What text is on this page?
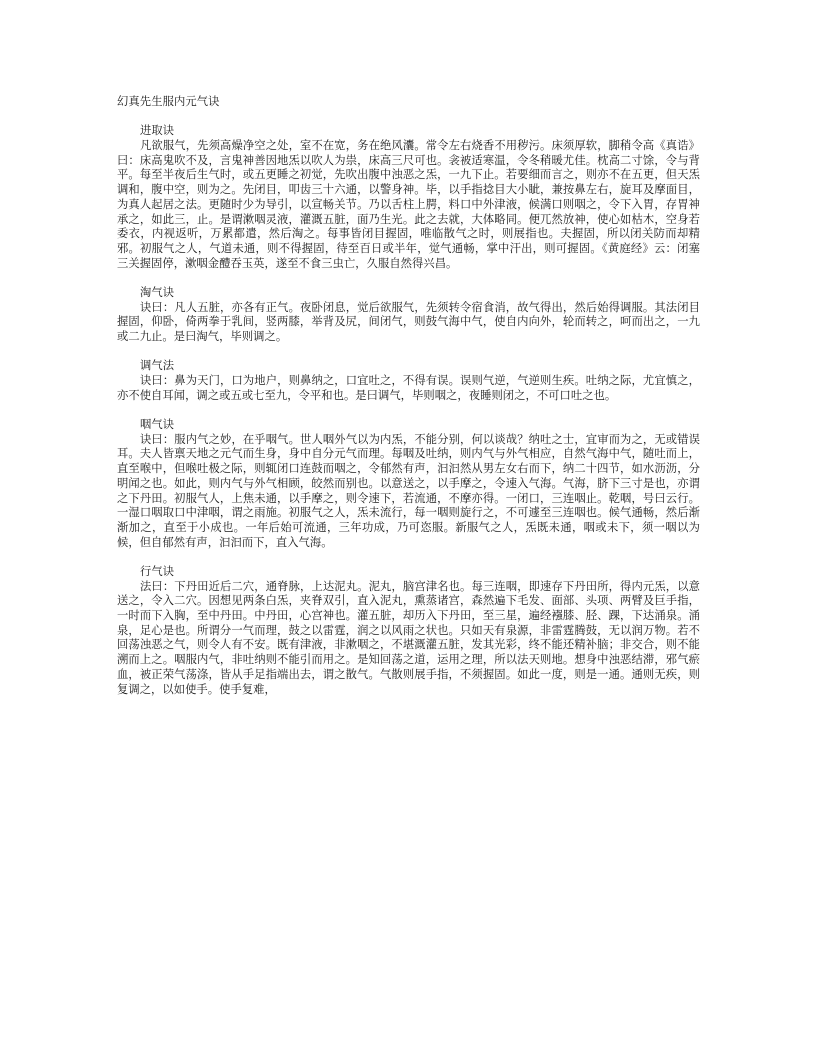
幻真先生服内元气诀

进取诀

凡欲服气，先须高燥净空之处，室不在宽，务在绝风灢。常令左右烧香不用秽污。床须厚软，脚稍令高《真诰》曰：床高鬼吹不及，言鬼神善因地炁以吹人为祟，床高三尺可也。衾被适寒温，令冬稍暖尤佳。枕高二寸馀，令与背平。每至半夜后生气时，或五更睡之初觉，先吹出腹中浊恶之炁，一九下止。若要细而言之，则亦不在五更，但天炁调和，腹中空，则为之。先闭目，叩齿三十六通，以警身神。毕，以手指捻目大小眦，兼按鼻左右，旋耳及摩面目，为真人起居之法。更随时少为导引，以宣畅关节。乃以舌柱上腭，料口中外津液，候满口则咽之，令下入胃，存胃神承之，如此三，止。是谓漱咽灵液，灌溉五脏，面乃生光。此之去就，大体略同。便兀然放神，使心如枯木，空身若委衣，内视返听，万累都遣，然后淘之。每事皆闭目握固，唯临散气之时，则展指也。夫握固，所以闭关防而却精邪。初服气之人，气道未通，则不得握固，待至百日或半年，觉气通畅，掌中汗出，则可握固。《黄庭经》云：闭塞三关握固停，漱咽金醴吞玉英，遂至不食三虫亡，久服自然得兴昌。

淘气诀

诀曰：凡人五脏，亦各有正气。夜卧闭息，觉后欲服气，先须转令宿食消，故气得出，然后始得调服。其法闭目握固，仰卧，倚两拳于乳间，竖两膝，举背及尻，间闭气，则鼓气海中气，使自内向外，轮而转之，呵而出之，一九或二九止。是曰淘气，毕则调之。

调气法

诀曰：鼻为天门，口为地户，则鼻纳之，口宜吐之，不得有误。误则气逆，气逆则生疾。吐纳之际，尤宜慎之，亦不使自耳闻，调之或五或七至九，令平和也。是曰调气，毕则咽之，夜睡则闭之，不可口吐之也。

咽气诀

诀曰：服内气之妙，在乎咽气。世人咽外气以为内炁，不能分别，何以谈哉？纳吐之士，宜审而为之，无或错误耳。夫人皆禀天地之元气而生身，身中自分元气而理。每咽及吐纳，则内气与外气相应，自然气海中气，随吐而上，直至喉中，但喉吐极之际，则辄闭口连鼓而咽之，令郁然有声，汩汩然从男左女右而下，纳二十四节，如水沥沥，分明闻之也。如此，则内气与外气相顾，皎然而别也。以意送之，以手摩之，令速入气海。气海，脐下三寸是也，亦谓之下丹田。初服气人，上焦未通，以手摩之，则令速下，若流通，不摩亦得。一闭口，三连咽止。乾咽，号曰云行。一湿口咽取口中津咽，谓之雨施。初服气之人，炁未流行，每一咽则旋行之，不可遽至三连咽也。候气通畅，然后渐渐加之，直至于小成也。一年后始可流通，三年功成，乃可恣服。新服气之人，炁既未通，咽或未下，须一咽以为候，但自郁然有声，汩汩而下，直入气海。

行气诀

法曰：下丹田近后二穴，通脊脉，上达泥丸。泥丸，脑宫津名也。每三连咽，即速存下丹田所，得内元炁，以意送之，令入二穴。因想见两条白炁，夹脊双引，直入泥丸，熏蒸诸宫，森然遍下毛发、面部、头项、两臂及巨手指，一时而下入胸，至中丹田。中丹田，心宫神也。灌五脏，却历入下丹田，至三星，遍经襁膝、胫、踝，下达涌泉。涌泉，足心是也。所谓分一气而理，鼓之以雷霆，润之以风雨之状也。只如天有泉源，非雷霆腾鼓，无以润万物。若不回荡浊恶之气，则令人有不安。既有津液，非漱咽之，不堪溉灌五脏，发其光彩，终不能还精补脑；非交合，则不能溯而上之。咽服内气，非吐纳则不能引而用之。是知回荡之道，运用之理，所以法天则地。想身中浊恶结滞，邪气瘀血，被正荣气荡涤，皆从手足指端出去，谓之散气。气散则展手指，不须握固。如此一度，则是一通。通则无疾，则复调之，以如使手。使手复难，
